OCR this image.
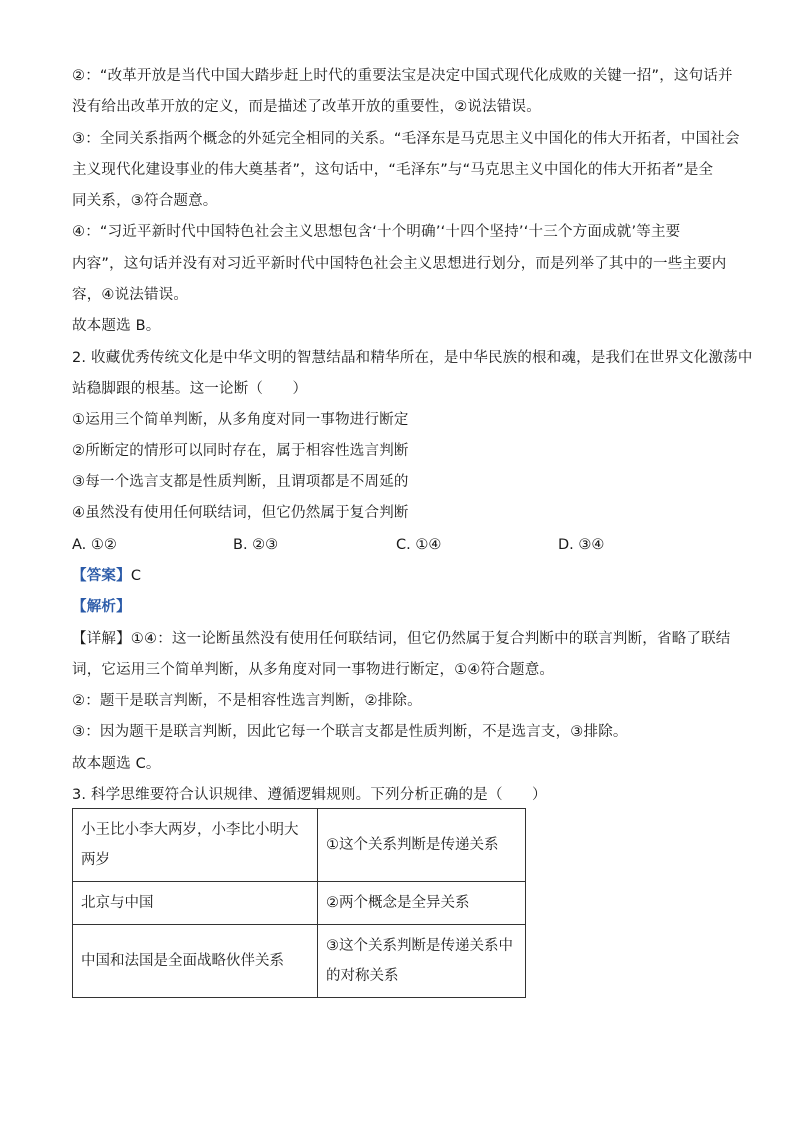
②：“改革开放是当代中国大踏步赶上时代的重要法宝是决定中国式现代化成败的关键一招”，这句话并
没有给出改革开放的定义，而是描述了改革开放的重要性，②说法错误。
③：全同关系指两个概念的外延完全相同的关系。“毛泽东是马克思主义中国化的伟大开拓者，中国社会
主义现代化建设事业的伟大奠基者”，这句话中，“毛泽东”与“马克思主义中国化的伟大开拓者”是全
同关系，③符合题意。
④：“习近平新时代中国特色社会主义思想包含‘十个明确’‘十四个坚持’‘十三个方面成就’等主要
内容”，这句话并没有对习近平新时代中国特色社会主义思想进行划分，而是列举了其中的一些主要内
容，④说法错误。
故本题选 B。
2. 收藏优秀传统文化是中华文明的智慧结晶和精华所在，是中华民族的根和魂，是我们在世界文化激荡中
站稳脚跟的根基。这一论断（　　）
①运用三个简单判断，从多角度对同一事物进行断定
②所断定的情形可以同时存在，属于相容性选言判断
③每一个选言支都是性质判断，且谓项都是不周延的
④虽然没有使用任何联结词，但它仍然属于复合判断
A. ①②	B. ②③	C. ①④	D. ③④
【答案】C
【解析】
【详解】①④：这一论断虽然没有使用任何联结词，但它仍然属于复合判断中的联言判断，省略了联结
词，它运用三个简单判断，从多角度对同一事物进行断定，①④符合题意。
②：题干是联言判断，不是相容性选言判断，②排除。
③：因为题干是联言判断，因此它每一个联言支都是性质判断，不是选言支，③排除。
故本题选 C。
3. 科学思维要符合认识规律、遵循逻辑规则。下列分析正确的是（　　）
小王比小李大两岁，小李比小明大两岁	①这个关系判断是传递关系
北京与中国	②两个概念是全异关系
中国和法国是全面战略伙伴关系	③这个关系判断是传递关系中的对称关系
